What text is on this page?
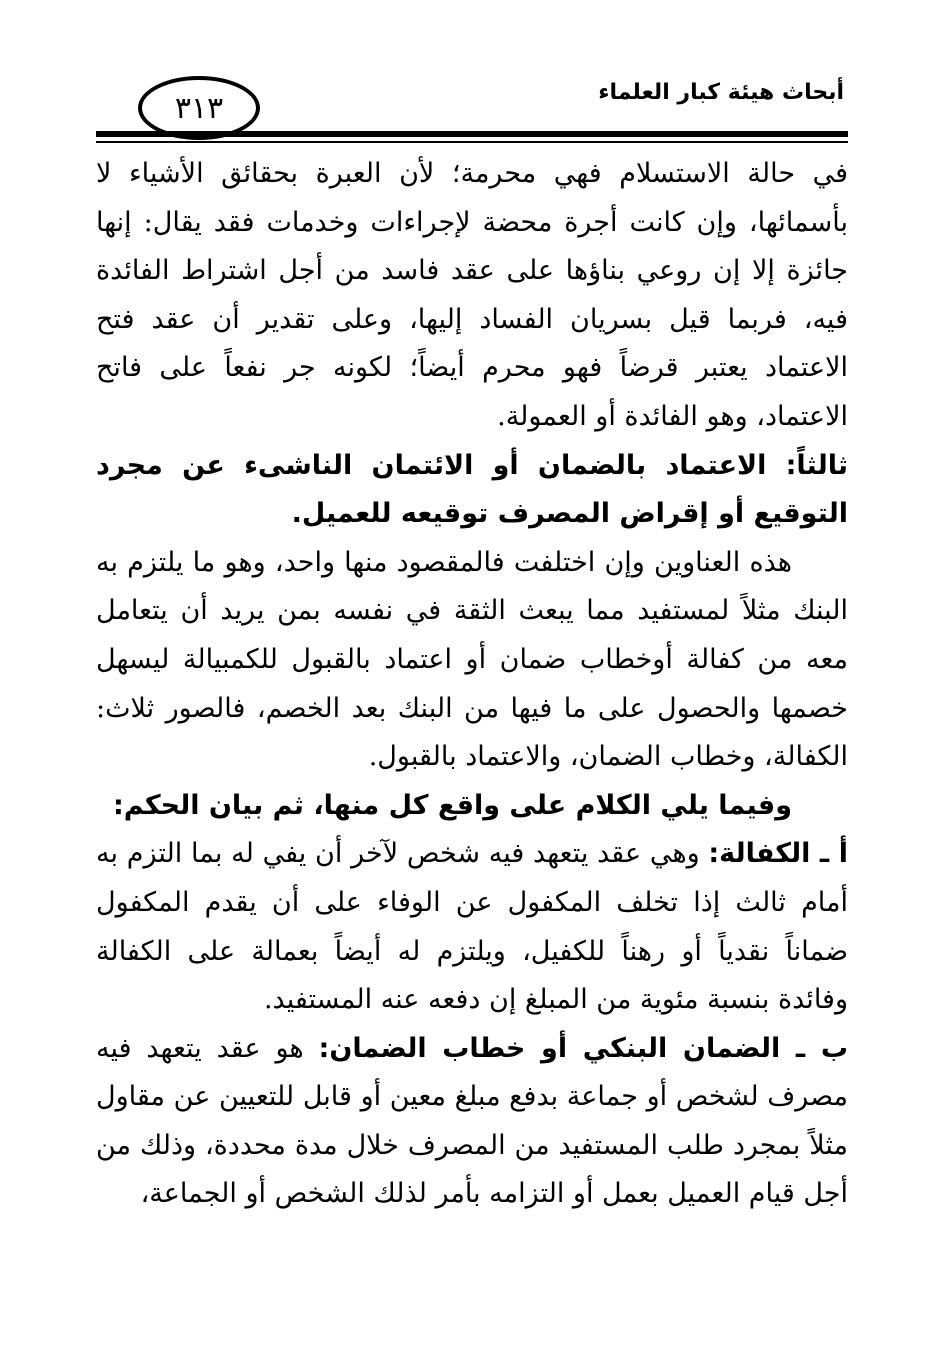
أبحاث هيئة كبار العلماء
٣١٣

في حالة الاستسلام فهي محرمة؛ لأن العبرة بحقائق الأشياء لا بأسمائها، وإن كانت أجرة محضة لإجراءات وخدمات فقد يقال: إنها جائزة إلا إن روعي بناؤها على عقد فاسد من أجل اشتراط الفائدة فيه، فربما قيل بسريان الفساد إليها، وعلى تقدير أن عقد فتح الاعتماد يعتبر قرضاً فهو محرم أيضاً؛ لكونه جر نفعاً على فاتح الاعتماد، وهو الفائدة أو العمولة.

ثالثاً: الاعتماد بالضمان أو الائتمان الناشىء عن مجرد التوقيع أو إقراض المصرف توقيعه للعميل.

هذه العناوين وإن اختلفت فالمقصود منها واحد، وهو ما يلتزم به البنك مثلاً لمستفيد مما يبعث الثقة في نفسه بمن يريد أن يتعامل معه من كفالة أوخطاب ضمان أو اعتماد بالقبول للكمبيالة ليسهل خصمها والحصول على ما فيها من البنك بعد الخصم، فالصور ثلاث: الكفالة، وخطاب الضمان، والاعتماد بالقبول.

وفيما يلي الكلام على واقع كل منها، ثم بيان الحكم:

أ ـ الكفالة: وهي عقد يتعهد فيه شخص لآخر أن يفي له بما التزم به أمام ثالث إذا تخلف المكفول عن الوفاء على أن يقدم المكفول ضماناً نقدياً أو رهناً للكفيل، ويلتزم له أيضاً بعمالة على الكفالة وفائدة بنسبة مئوية من المبلغ إن دفعه عنه المستفيد.

ب ـ الضمان البنكي أو خطاب الضمان: هو عقد يتعهد فيه مصرف لشخص أو جماعة بدفع مبلغ معين أو قابل للتعيين عن مقاول مثلاً بمجرد طلب المستفيد من المصرف خلال مدة محددة، وذلك من أجل قيام العميل بعمل أو التزامه بأمر لذلك الشخص أو الجماعة،
